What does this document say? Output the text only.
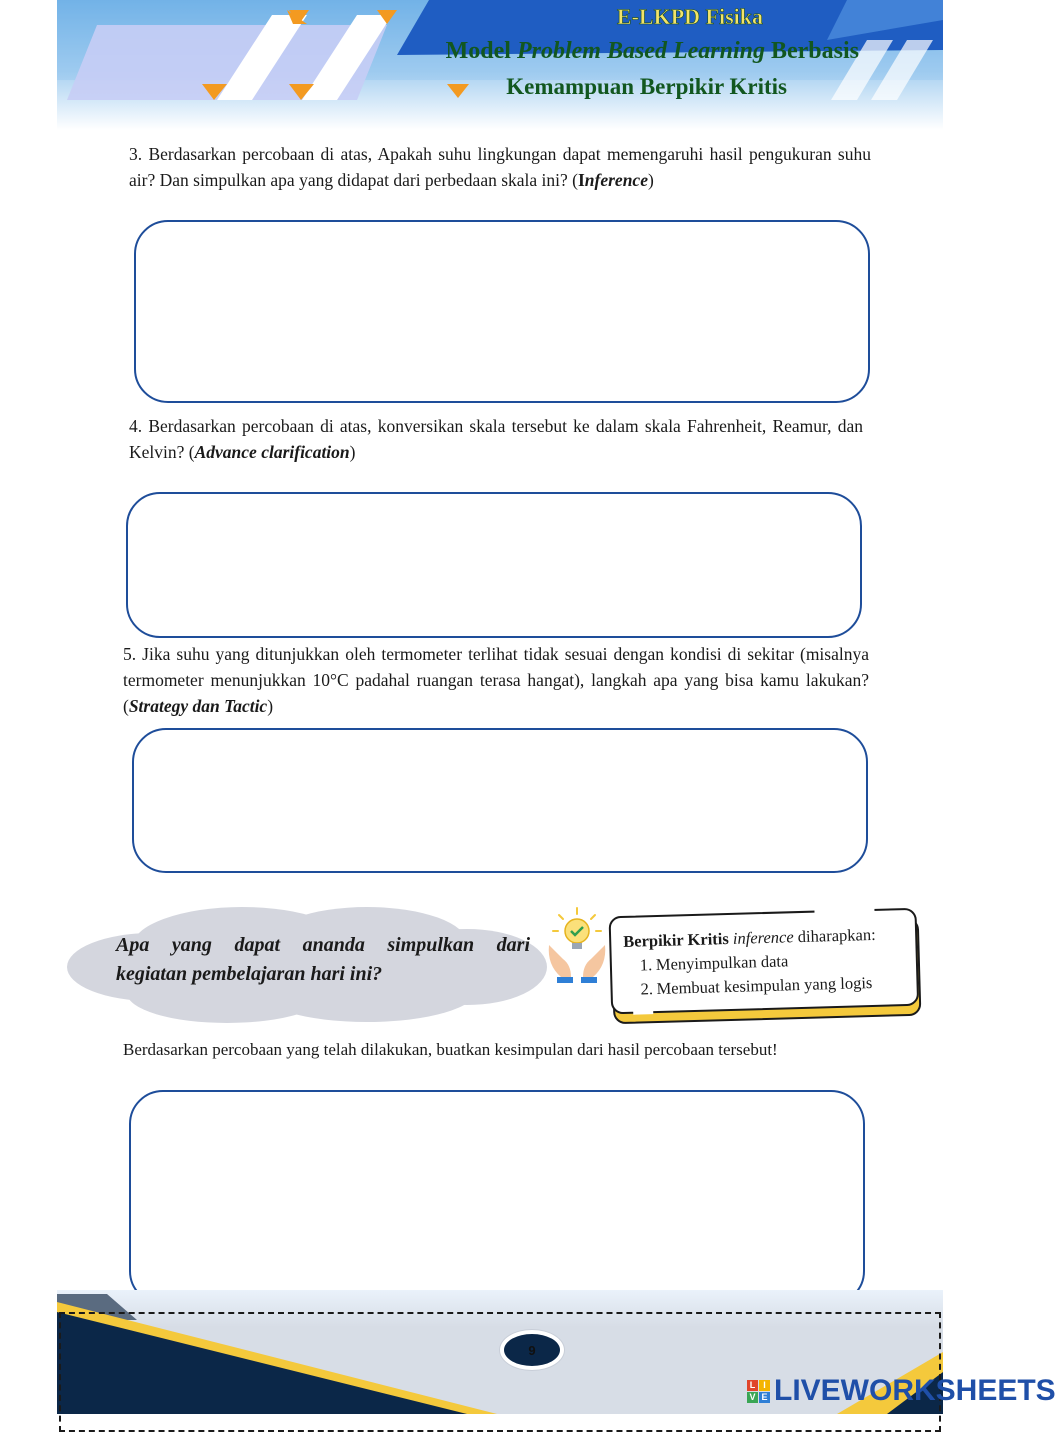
E-LKPD Fisika
Model Problem Based Learning Berbasis
Kemampuan Berpikir Kritis

3. Berdasarkan percobaan di atas, Apakah suhu lingkungan dapat memengaruhi hasil pengukuran suhu air? Dan simpulkan apa yang didapat dari perbedaan skala ini? (Inference)

4. Berdasarkan percobaan di atas, konversikan skala tersebut ke dalam skala Fahrenheit, Reamur, dan Kelvin? (Advance clarification)

5. Jika suhu yang ditunjukkan oleh termometer terlihat tidak sesuai dengan kondisi di sekitar (misalnya termometer menunjukkan 10°C padahal ruangan terasa hangat), langkah apa yang bisa kamu lakukan? (Strategy dan Tactic)

Apa yang dapat ananda simpulkan dari
kegiatan pembelajaran hari ini?
Berpikir Kritis inference diharapkan:
1. Menyimpulkan data
2. Membuat kesimpulan yang logis

Berdasarkan percobaan yang telah dilakukan, buatkan kesimpulan dari hasil percobaan tersebut!

9
L I
V E LIVEWORKSHEETS
